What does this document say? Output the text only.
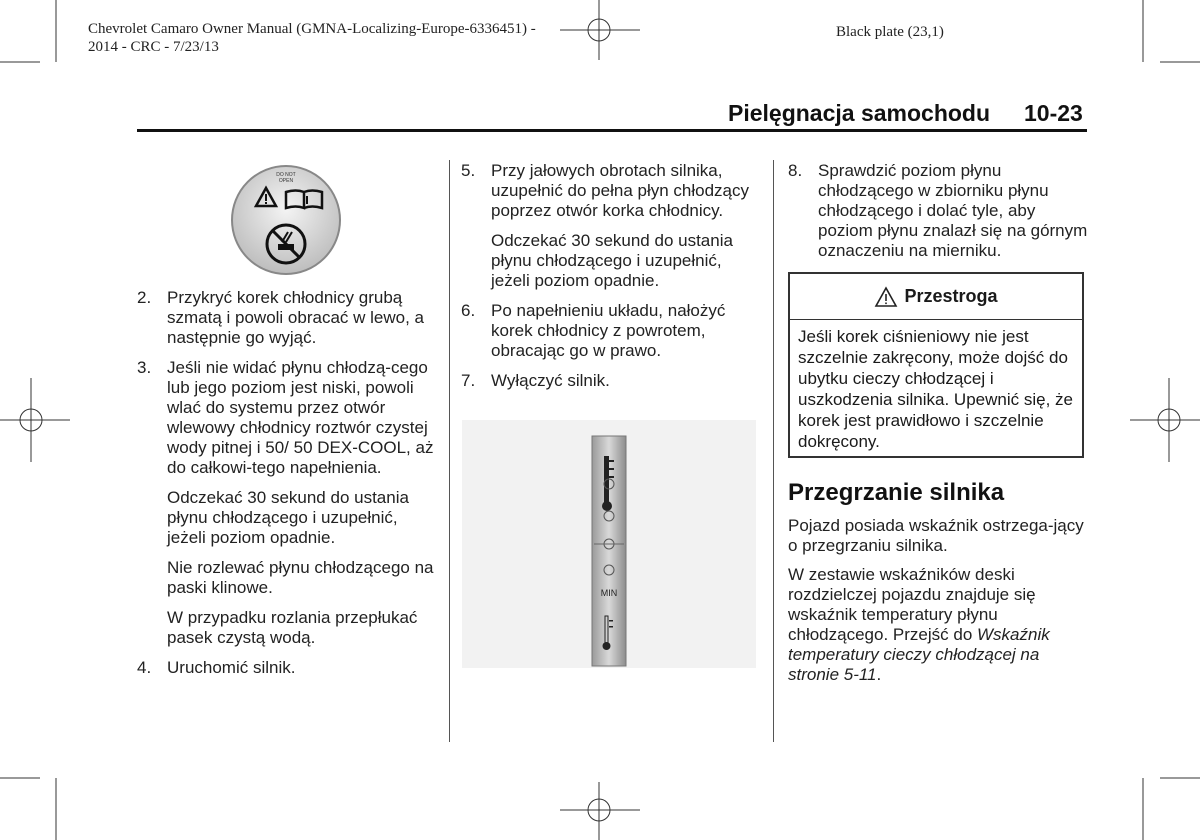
Chevrolet Camaro Owner Manual (GMNA-Localizing-Europe-6336451) -
2014 - CRC - 7/23/13
Black plate (23,1)
Pielęgnacja samochodu 10-23
DO NOT
OPEN
2. Przykryć korek chłodnicy grubą szmatą i powoli obracać w lewo, a następnie go wyjąć.
3. Jeśli nie widać płynu chłodzą-cego lub jego poziom jest niski, powoli wlać do systemu przez otwór wlewowy chłodnicy roztwór czystej wody pitnej i 50/ 50 DEX-COOL, aż do całkowi-tego napełnienia.
Odczekać 30 sekund do ustania płynu chłodzącego i uzupełnić, jeżeli poziom opadnie.
Nie rozlewać płynu chłodzącego na paski klinowe.
W przypadku rozlania przepłukać pasek czystą wodą.
4. Uruchomić silnik.
5. Przy jałowych obrotach silnika, uzupełnić do pełna płyn chłodzący poprzez otwór korka chłodnicy.
Odczekać 30 sekund do ustania płynu chłodzącego i uzupełnić, jeżeli poziom opadnie.
6. Po napełnieniu układu, nałożyć korek chłodnicy z powrotem, obracając go w prawo.
7. Wyłączyć silnik.
MIN
8. Sprawdzić poziom płynu chłodzącego w zbiorniku płynu chłodzącego i dolać tyle, aby poziom płynu znalazł się na górnym oznaczeniu na mierniku.
Przestroga
Jeśli korek ciśnieniowy nie jest szczelnie zakręcony, może dojść do ubytku cieczy chłodzącej i uszkodzenia silnika. Upewnić się, że korek jest prawidłowo i szczelnie dokręcony.
Przegrzanie silnika
Pojazd posiada wskaźnik ostrzega-jący o przegrzaniu silnika.
W zestawie wskaźników deski rozdzielczej pojazdu znajduje się wskaźnik temperatury płynu chłodzącego. Przejść do Wskaźnik temperatury cieczy chłodzącej na stronie 5-11.
